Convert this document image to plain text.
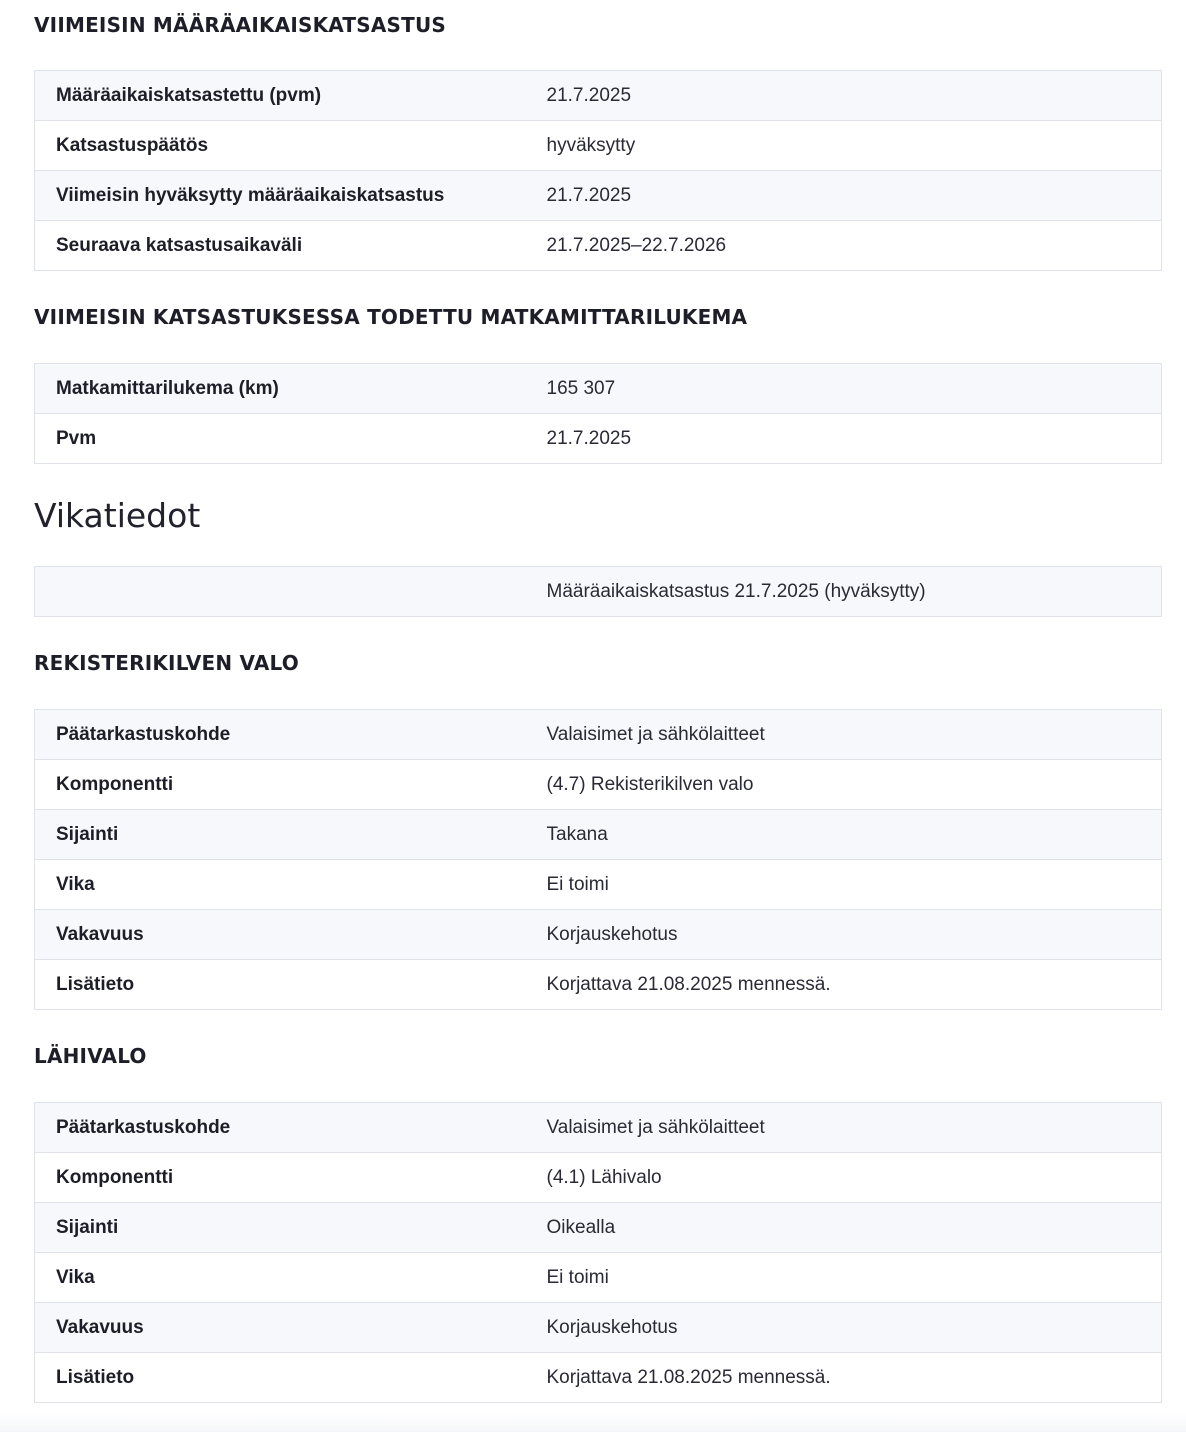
VIIMEISIN MÄÄRÄAIKAISKATSASTUS
Määräaikaiskatsastettu (pvm)	21.7.2025
Katsastuspäätös	hyväksytty
Viimeisin hyväksytty määräaikaiskatsastus	21.7.2025
Seuraava katsastusaikaväli	21.7.2025–22.7.2026
VIIMEISIN KATSASTUKSESSA TODETTU MATKAMITTARILUKEMA
Matkamittarilukema (km)	165 307
Pvm	21.7.2025
Vikatiedot
	Määräaikaiskatsastus 21.7.2025 (hyväksytty)
REKISTERIKILVEN VALO
Päätarkastuskohde	Valaisimet ja sähkölaitteet
Komponentti	(4.7) Rekisterikilven valo
Sijainti	Takana
Vika	Ei toimi
Vakavuus	Korjauskehotus
Lisätieto	Korjattava 21.08.2025 mennessä.
LÄHIVALO
Päätarkastuskohde	Valaisimet ja sähkölaitteet
Komponentti	(4.1) Lähivalo
Sijainti	Oikealla
Vika	Ei toimi
Vakavuus	Korjauskehotus
Lisätieto	Korjattava 21.08.2025 mennessä.
